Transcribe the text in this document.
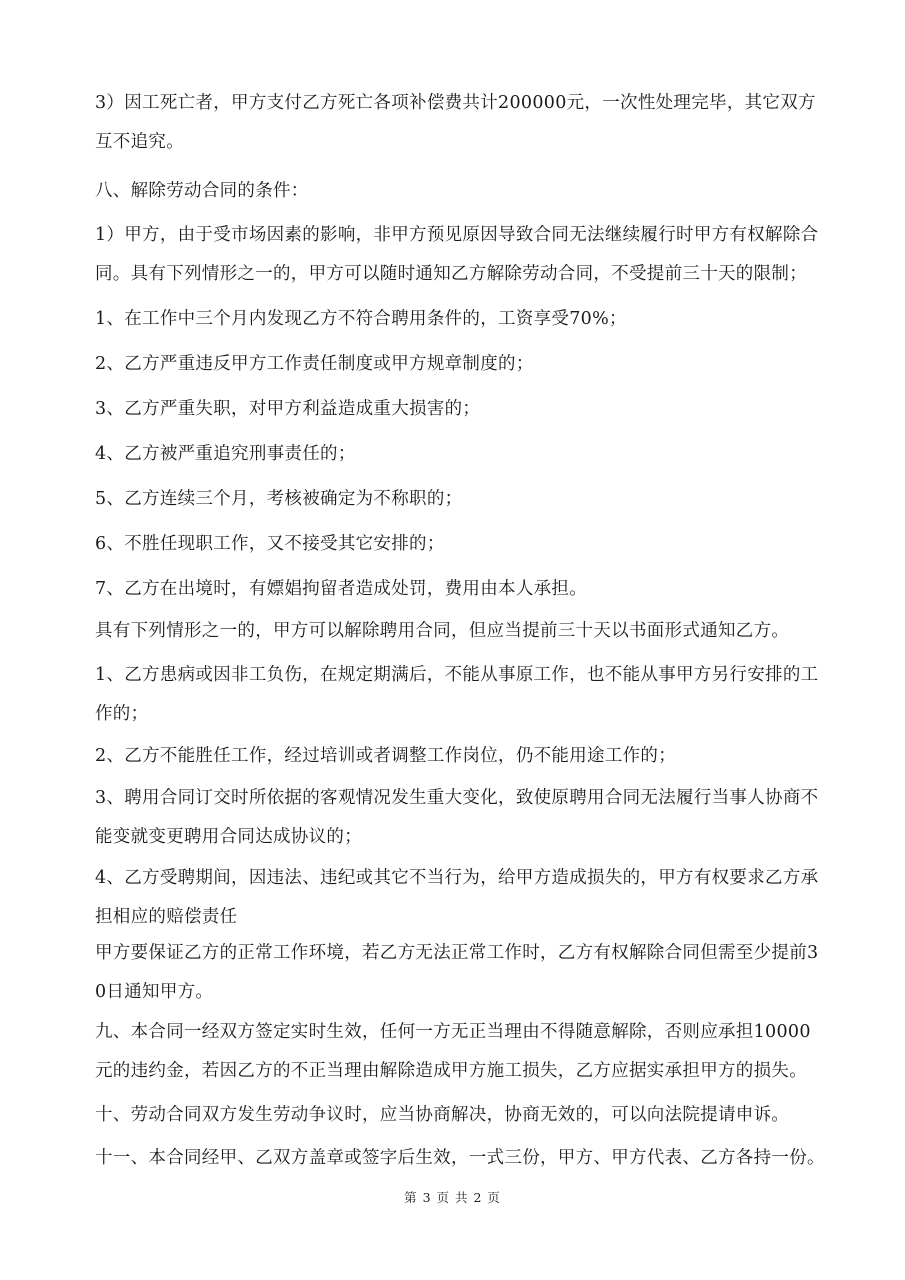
3）因工死亡者，甲方支付乙方死亡各项补偿费共计200000元，一次性处理完毕，其它双方互不追究。

八、解除劳动合同的条件：

1）甲方，由于受市场因素的影响，非甲方预见原因导致合同无法继续履行时甲方有权解除合同。具有下列情形之一的，甲方可以随时通知乙方解除劳动合同，不受提前三十天的限制；

1、在工作中三个月内发现乙方不符合聘用条件的，工资享受70%；

2、乙方严重违反甲方工作责任制度或甲方规章制度的；

3、乙方严重失职，对甲方利益造成重大损害的；

4、乙方被严重追究刑事责任的；

5、乙方连续三个月，考核被确定为不称职的；

6、不胜任现职工作，又不接受其它安排的；

7、乙方在出境时，有嫖娼拘留者造成处罚，费用由本人承担。

具有下列情形之一的，甲方可以解除聘用合同，但应当提前三十天以书面形式通知乙方。

1、乙方患病或因非工负伤，在规定期满后，不能从事原工作，也不能从事甲方另行安排的工作的；

2、乙方不能胜任工作，经过培训或者调整工作岗位，仍不能用途工作的；

3、聘用合同订交时所依据的客观情况发生重大变化，致使原聘用合同无法履行当事人协商不能变就变更聘用合同达成协议的；

4、乙方受聘期间，因违法、违纪或其它不当行为，给甲方造成损失的，甲方有权要求乙方承担相应的赔偿责任

甲方要保证乙方的正常工作环境，若乙方无法正常工作时，乙方有权解除合同但需至少提前30日通知甲方。

九、本合同一经双方签定实时生效，任何一方无正当理由不得随意解除，否则应承担10000元的违约金，若因乙方的不正当理由解除造成甲方施工损失，乙方应据实承担甲方的损失。

十、劳动合同双方发生劳动争议时，应当协商解决，协商无效的，可以向法院提请申诉。

十一、本合同经甲、乙双方盖章或签字后生效，一式三份，甲方、甲方代表、乙方各持一份。

第 3 页 共 2 页
